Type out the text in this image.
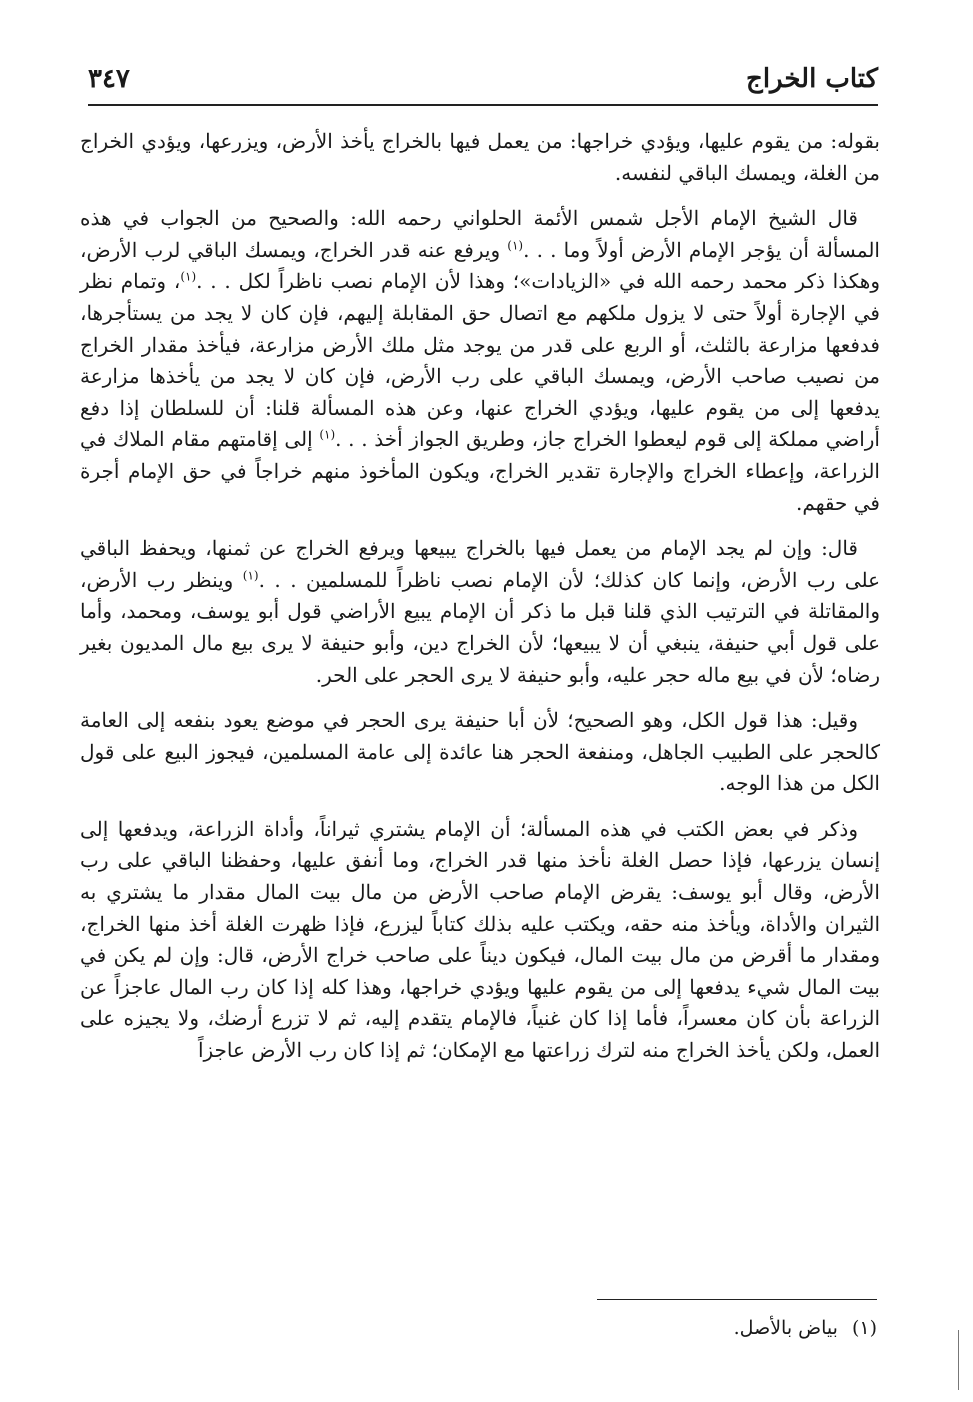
كتاب الخراج
٣٤٧

بقوله: من يقوم عليها، ويؤدي خراجها: من يعمل فيها بالخراج يأخذ الأرض، ويزرعها، ويؤدي الخراج من الغلة، ويمسك الباقي لنفسه.

قال الشيخ الإمام الأجل شمس الأئمة الحلواني رحمه الله: والصحيح من الجواب في هذه المسألة أن يؤجر الإمام الأرض أولاً وما . . .$^{(١)}$ ويرفع عنه قدر الخراج، ويمسك الباقي لرب الأرض، وهكذا ذكر محمد رحمه الله في «الزيادات»؛ وهذا لأن الإمام نصب ناظراً لكل . . .$^{(١)}$، وتمام نظر في الإجارة أولاً حتى لا يزول ملكهم مع اتصال حق المقابلة إليهم، فإن كان لا يجد من يستأجرها، فدفعها مزارعة بالثلث، أو الربع على قدر من يوجد مثل ملك الأرض مزارعة، فيأخذ مقدار الخراج من نصيب صاحب الأرض، ويمسك الباقي على رب الأرض، فإن كان لا يجد من يأخذها مزارعة يدفعها إلى من يقوم عليها، ويؤدي الخراج عنها، وعن هذه المسألة قلنا: أن للسلطان إذا دفع أراضي مملكة إلى قوم ليعطوا الخراج جاز، وطريق الجواز أخذ . . .$^{(١)}$ إلى إقامتهم مقام الملاك في الزراعة، وإعطاء الخراج والإجارة تقدير الخراج، ويكون المأخوذ منهم خراجاً في حق الإمام أجرة في حقهم.

قال: وإن لم يجد الإمام من يعمل فيها بالخراج يبيعها ويرفع الخراج عن ثمنها، ويحفظ الباقي على رب الأرض، وإنما كان كذلك؛ لأن الإمام نصب ناظراً للمسلمين . . .$^{(١)}$ وينظر رب الأرض، والمقاتلة في الترتيب الذي قلنا قبل ما ذكر أن الإمام يبيع الأراضي قول أبو يوسف، ومحمد، وأما على قول أبي حنيفة، ينبغي أن لا يبيعها؛ لأن الخراج دين، وأبو حنيفة لا يرى بيع مال المديون بغير رضاه؛ لأن في بيع ماله حجر عليه، وأبو حنيفة لا يرى الحجر على الحر.

وقيل: هذا قول الكل، وهو الصحيح؛ لأن أبا حنيفة يرى الحجر في موضع يعود بنفعه إلى العامة كالحجر على الطبيب الجاهل، ومنفعة الحجر هنا عائدة إلى عامة المسلمين، فيجوز البيع على قول الكل من هذا الوجه.

وذكر في بعض الكتب في هذه المسألة؛ أن الإمام يشتري ثيراناً، وأداة الزراعة، ويدفعها إلى إنسان يزرعها، فإذا حصل الغلة نأخذ منها قدر الخراج، وما أنفق عليها، وحفظنا الباقي على رب الأرض، وقال أبو يوسف: يقرض الإمام صاحب الأرض من مال بيت المال مقدار ما يشتري به الثيران والأداة، ويأخذ منه حقه، ويكتب عليه بذلك كتاباً ليزرع، فإذا ظهرت الغلة أخذ منها الخراج، ومقدار ما أقرض من مال بيت المال، فيكون ديناً على صاحب خراج الأرض، قال: وإن لم يكن في بيت المال شيء يدفعها إلى من يقوم عليها ويؤدي خراجها، وهذا كله إذا كان رب المال عاجزاً عن الزراعة بأن كان معسراً، فأما إذا كان غنياً، فالإمام يتقدم إليه، ثم لا تزرع أرضك، ولا يجيزه على العمل، ولكن يأخذ الخراج منه لترك زراعتها مع الإمكان؛ ثم إذا كان رب الأرض عاجزاً

(١)بياض بالأصل.
